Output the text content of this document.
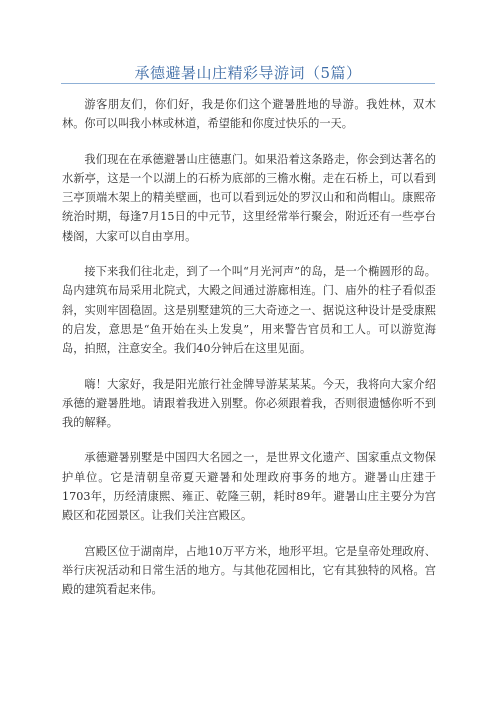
承德避暑山庄精彩导游词（5篇）

游客朋友们，你们好，我是你们这个避暑胜地的导游。我姓林，双木林。你可以叫我小林或林道，希望能和你度过快乐的一天。

我们现在在承德避暑山庄德惠门。如果沿着这条路走，你会到达著名的水新亭，这是一个以湖上的石桥为底部的三檐水榭。走在石桥上，可以看到三亭顶端木架上的精美壁画，也可以看到远处的罗汉山和和尚帽山。康熙帝统治时期，每逢7月15日的中元节，这里经常举行聚会，附近还有一些亭台楼阁，大家可以自由享用。

接下来我们往北走，到了一个叫“月光河声”的岛，是一个椭圆形的岛。岛内建筑布局采用北院式，大殿之间通过游廊相连。门、庙外的柱子看似歪斜，实则牢固稳固。这是别墅建筑的三大奇迹之一、据说这种设计是受康熙的启发，意思是“鱼开始在头上发臭”，用来警告官员和工人。可以游览海岛，拍照，注意安全。我们40分钟后在这里见面。

嗨！大家好，我是阳光旅行社金牌导游某某某。今天，我将向大家介绍承德的避暑胜地。请跟着我进入别墅。你必须跟着我，否则很遗憾你听不到我的解释。

承德避暑别墅是中国四大名园之一，是世界文化遗产、国家重点文物保护单位。它是清朝皇帝夏天避暑和处理政府事务的地方。避暑山庄建于1703年，历经清康熙、雍正、乾隆三朝，耗时89年。避暑山庄主要分为宫殿区和花园景区。让我们关注宫殿区。

宫殿区位于湖南岸，占地10万平方米，地形平坦。它是皇帝处理政府、举行庆祝活动和日常生活的地方。与其他花园相比，它有其独特的风格。宫殿的建筑看起来伟。
